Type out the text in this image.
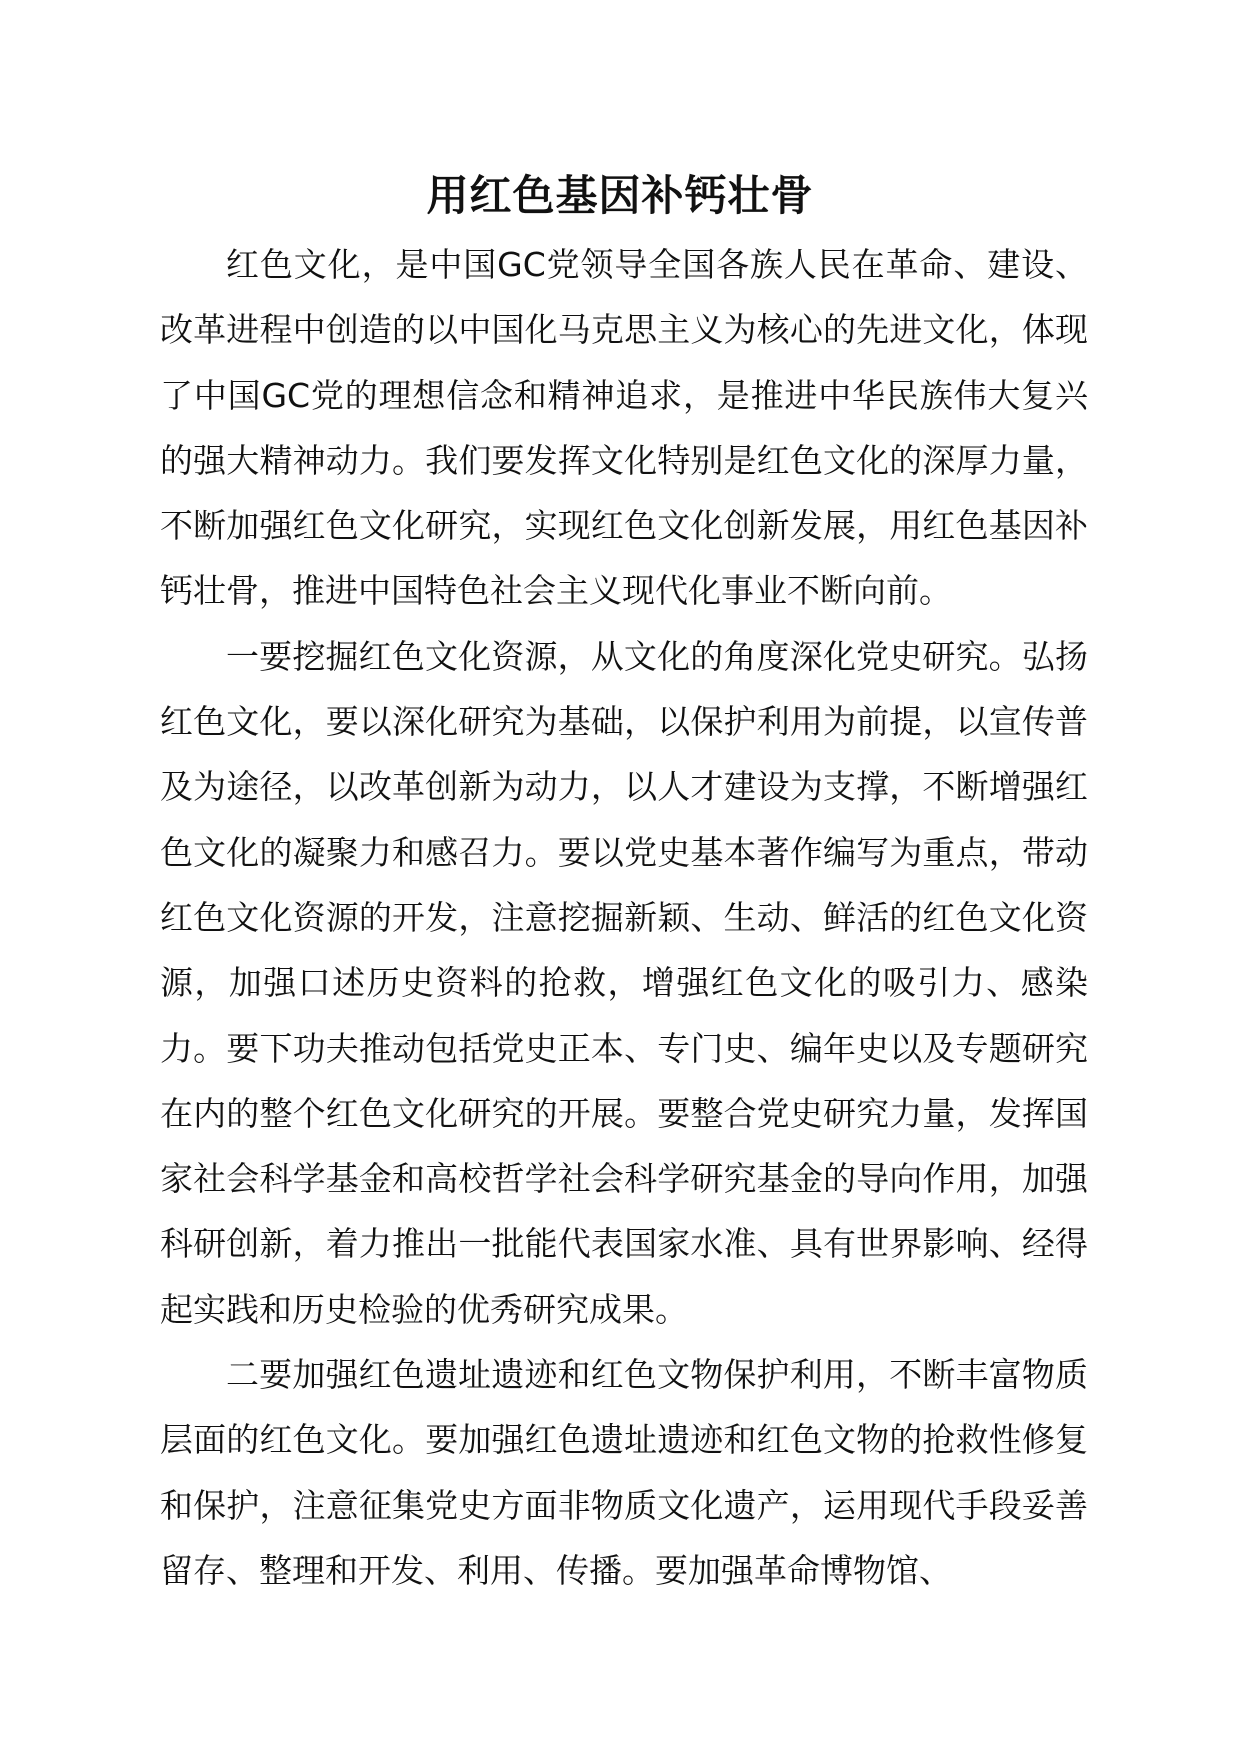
用红色基因补钙壮骨

红色文化，是中国GC党领导全国各族人民在革命、建设、改革进程中创造的以中国化马克思主义为核心的先进文化，体现了中国GC党的理想信念和精神追求，是推进中华民族伟大复兴的强大精神动力。我们要发挥文化特别是红色文化的深厚力量，不断加强红色文化研究，实现红色文化创新发展，用红色基因补钙壮骨，推进中国特色社会主义现代化事业不断向前。

一要挖掘红色文化资源，从文化的角度深化党史研究。弘扬红色文化，要以深化研究为基础，以保护利用为前提，以宣传普及为途径，以改革创新为动力，以人才建设为支撑，不断增强红色文化的凝聚力和感召力。要以党史基本著作编写为重点，带动红色文化资源的开发，注意挖掘新颖、生动、鲜活的红色文化资源，加强口述历史资料的抢救，增强红色文化的吸引力、感染力。要下功夫推动包括党史正本、专门史、编年史以及专题研究在内的整个红色文化研究的开展。要整合党史研究力量，发挥国家社会科学基金和高校哲学社会科学研究基金的导向作用，加强科研创新，着力推出一批能代表国家水准、具有世界影响、经得起实践和历史检验的优秀研究成果。

二要加强红色遗址遗迹和红色文物保护利用，不断丰富物质层面的红色文化。要加强红色遗址遗迹和红色文物的抢救性修复和保护，注意征集党史方面非物质文化遗产，运用现代手段妥善留存、整理和开发、利用、传播。要加强革命博物馆、
